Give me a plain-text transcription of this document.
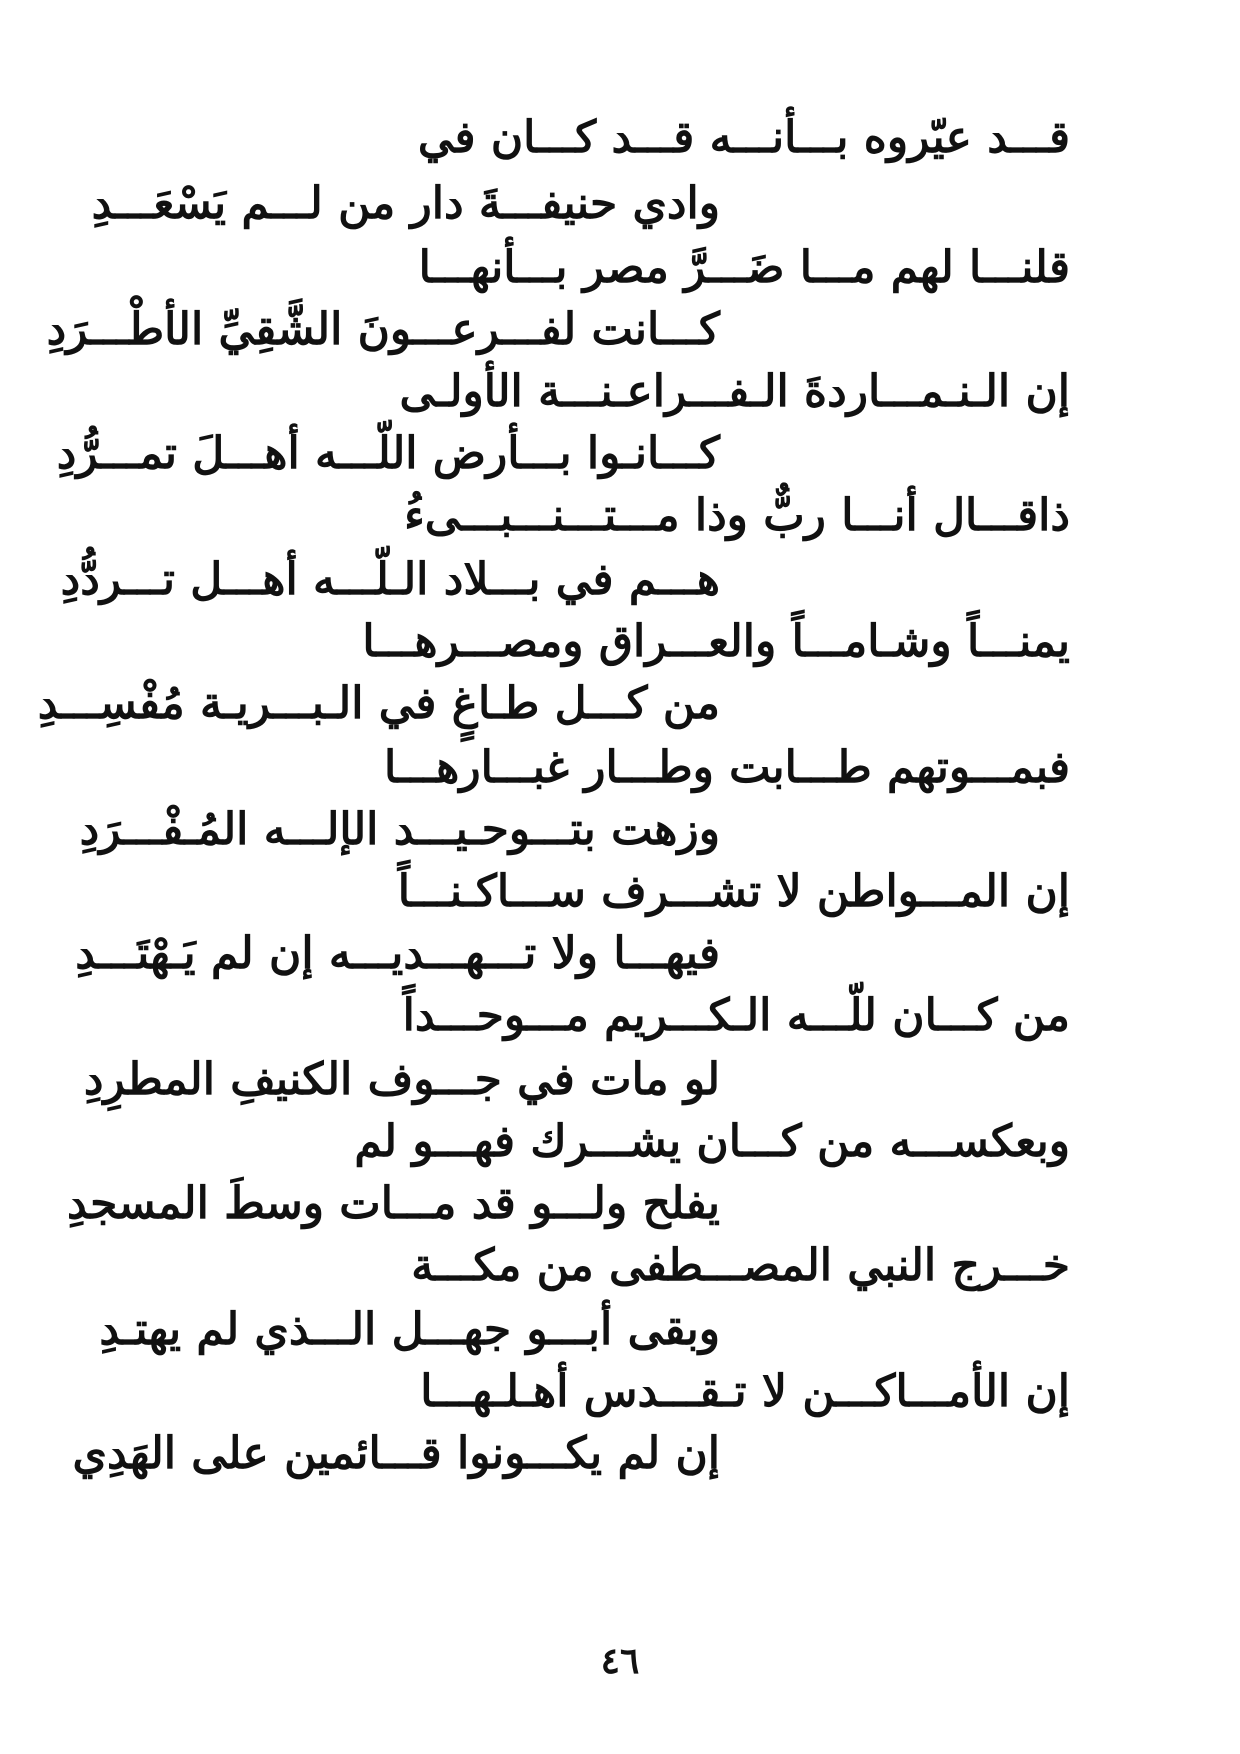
قـــد عيّروه بـــأنـــه قـــد كـــان في
وادي حنيفـــةَ دار من لـــم يَسْعَـــدِ
قلنـــا لهم مـــا ضَـــرَّ مصر بـــأنهـــا
كـــانت لفـــرعـــونَ الشَّقِيِّ الأطْـــرَدِ
إن الـنـمـــاردةَ الـفـــراعـنـــة الأولـى
كـــانـوا بـــأرض اللّـــه أهـــلَ تمـــرُّدِ
ذاقـــال أنـــا ربٌّ وذا مـــتـــنـــبـــىءُ
هـــم في بـــلاد الـلّـــه أهـــل تـــردُّدِ
يمنـــاً وشـامـــاً والعـــراق ومصـــرهـــا
من كـــل طـاغٍ في الـبـــريـة مُفْسِـــدِ
فبمـــوتهم طـــابت وطـــار غبـــارهـــا
وزهت بتـــوحـيـــد الإلـــه المُـفْـــرَدِ
إن المـــواطن لا تشـــرف ســـاكـنـــاً
فيهـــا ولا تـــهـــديـــه إن لم يَـهْتَـــدِ
من كـــان للّـــه الـكـــريم مـــوحـــداً
لو مات في جـــوف الكنيفِ المطرِدِ
وبعكســـه من كـــان يشـــرك فهـــو لم
يفلح ولـــو قد مـــات وسطَ المسجدِ
خـــرج النبي المصـــطفى من مكـــة
وبقى أبـــو جهـــل الـــذي لم يهتـدِ
إن الأمـــاكـــن لا تـقـــدس أهـلـهـــا
إن لم يكـــونوا قـــائمين على الهَدِي
٤٦
